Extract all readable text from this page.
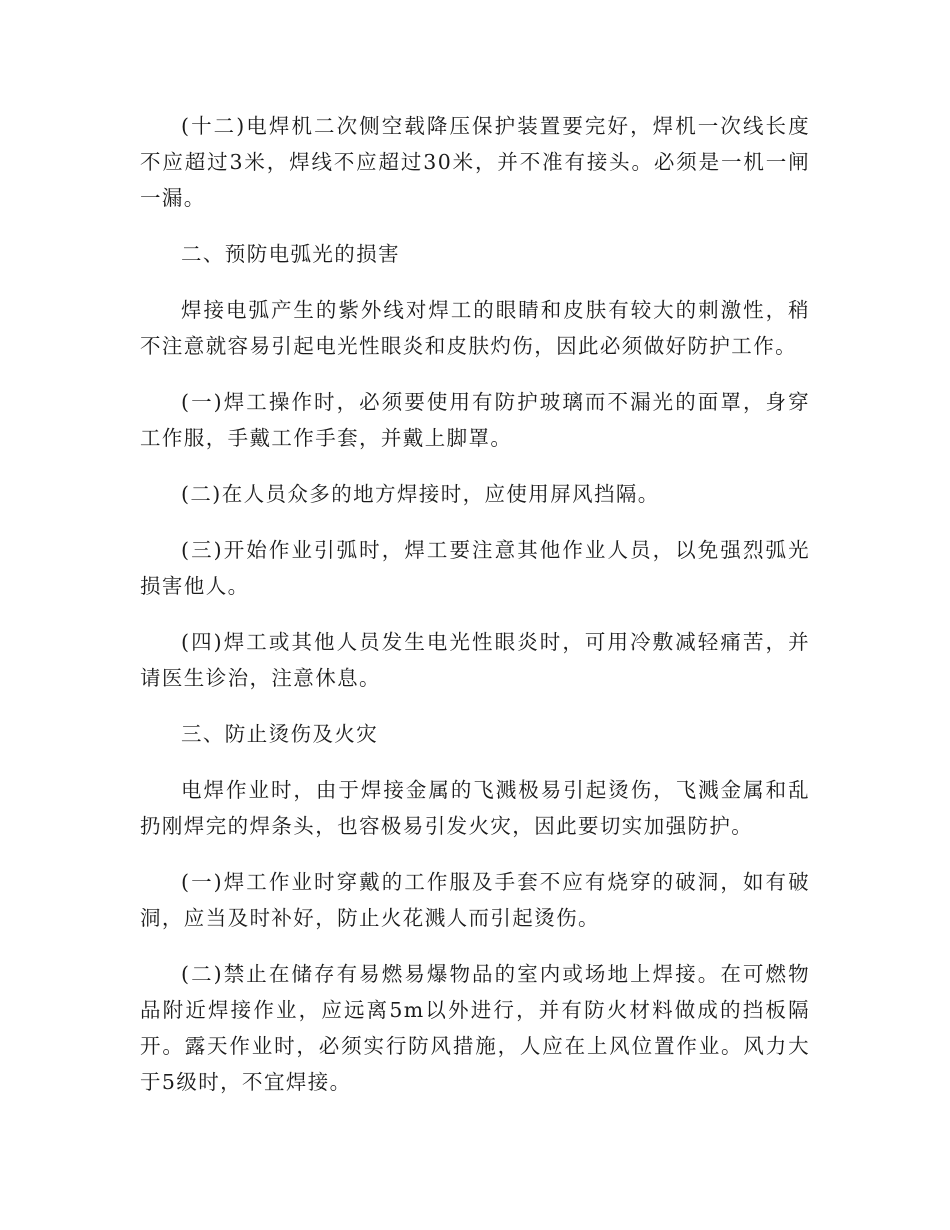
(十二)电焊机二次侧空载降压保护装置要完好，焊机一次线长度不应超过3米，焊线不应超过30米，并不准有接头。必须是一机一闸一漏。

二、预防电弧光的损害

焊接电弧产生的紫外线对焊工的眼睛和皮肤有较大的刺激性，稍不注意就容易引起电光性眼炎和皮肤灼伤，因此必须做好防护工作。

(一)焊工操作时，必须要使用有防护玻璃而不漏光的面罩，身穿工作服，手戴工作手套，并戴上脚罩。

(二)在人员众多的地方焊接时，应使用屏风挡隔。

(三)开始作业引弧时，焊工要注意其他作业人员，以免强烈弧光损害他人。

(四)焊工或其他人员发生电光性眼炎时，可用冷敷减轻痛苦，并请医生诊治，注意休息。

三、防止烫伤及火灾

电焊作业时，由于焊接金属的飞溅极易引起烫伤，飞溅金属和乱扔刚焊完的焊条头，也容极易引发火灾，因此要切实加强防护。

(一)焊工作业时穿戴的工作服及手套不应有烧穿的破洞，如有破洞，应当及时补好，防止火花溅人而引起烫伤。

(二)禁止在储存有易燃易爆物品的室内或场地上焊接。在可燃物品附近焊接作业，应远离5m以外进行，并有防火材料做成的挡板隔开。露天作业时，必须实行防风措施，人应在上风位置作业。风力大于5级时，不宜焊接。
